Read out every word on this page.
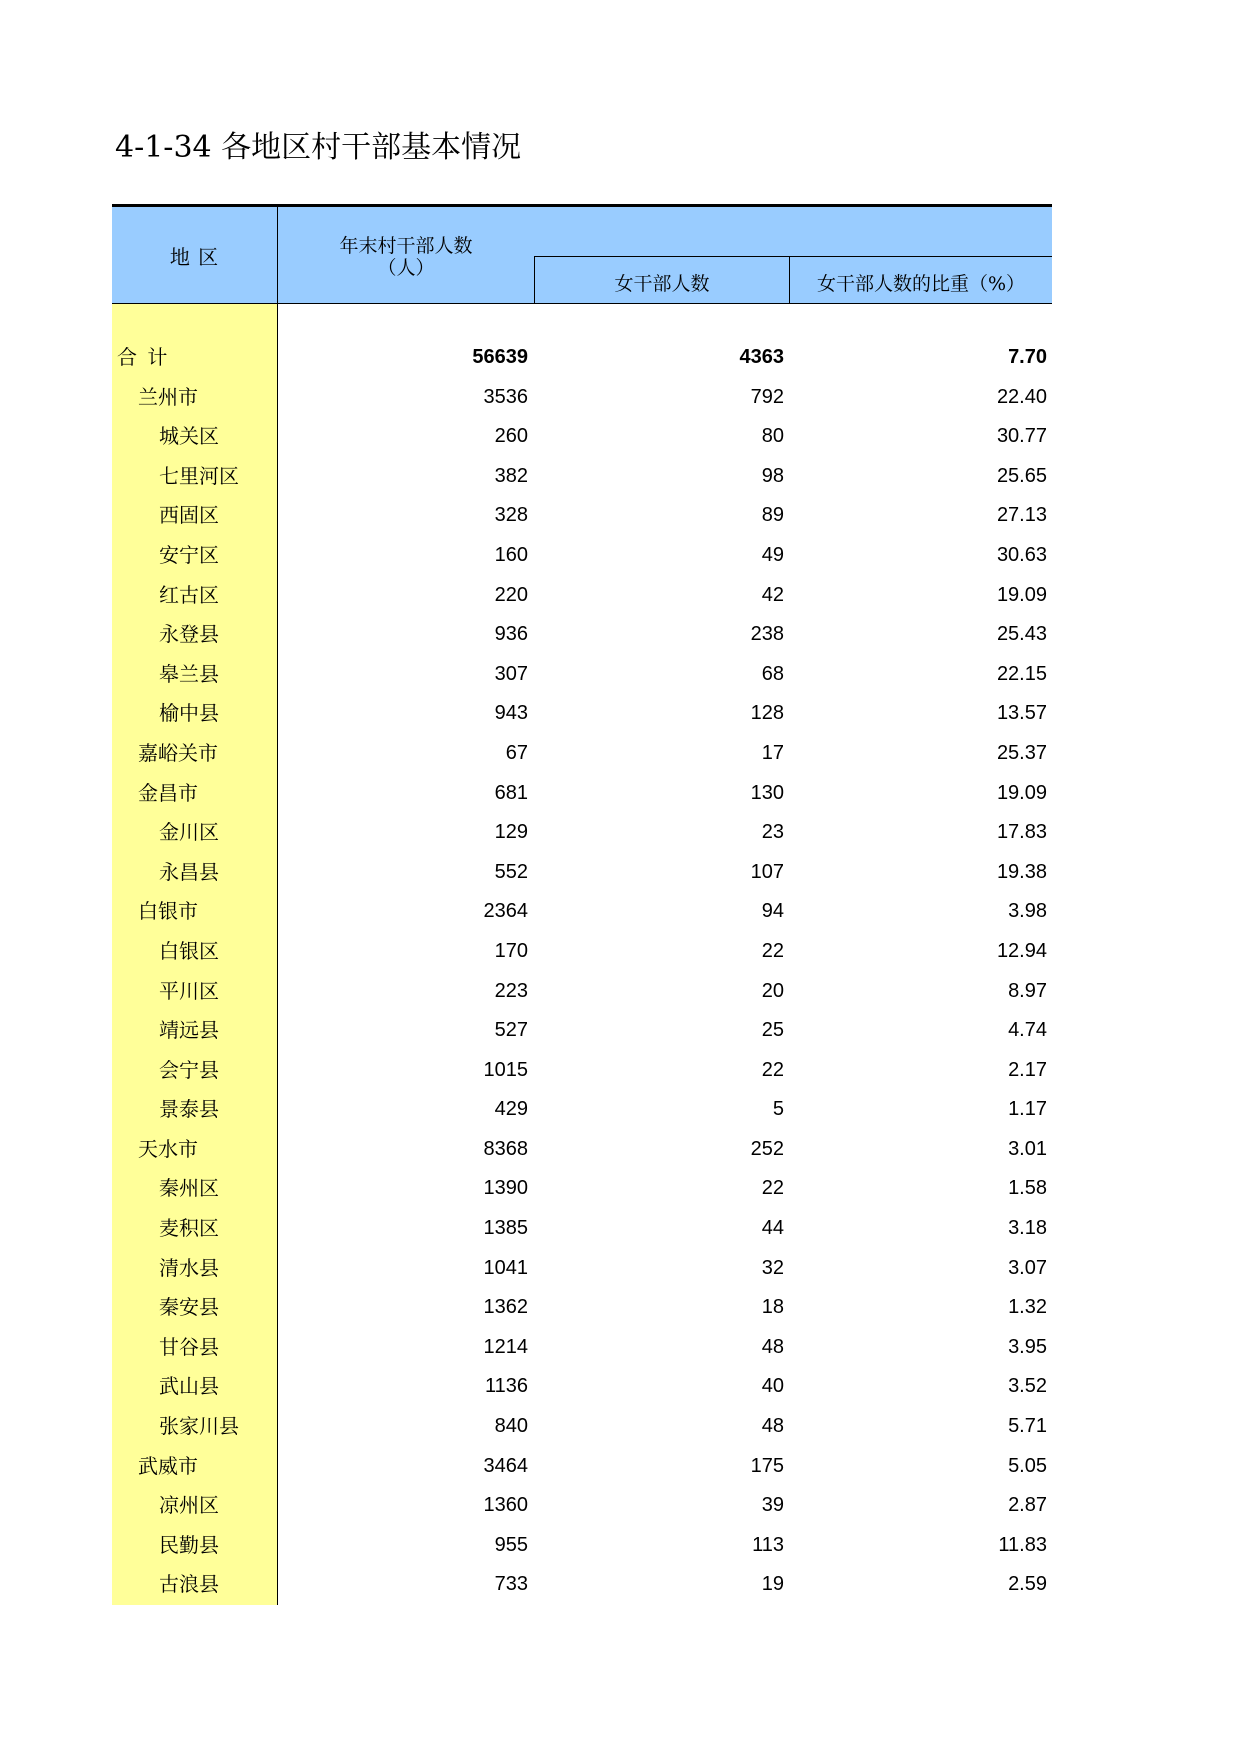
4-1-34 各地区村干部基本情况
地 区	年末村干部人数
（人）
女干部人数	女干部人数的比重（%）
合 计	56639	4363	7.70
兰州市	3536	792	22.40
城关区	260	80	30.77
七里河区	382	98	25.65
西固区	328	89	27.13
安宁区	160	49	30.63
红古区	220	42	19.09
永登县	936	238	25.43
皋兰县	307	68	22.15
榆中县	943	128	13.57
嘉峪关市	67	17	25.37
金昌市	681	130	19.09
金川区	129	23	17.83
永昌县	552	107	19.38
白银市	2364	94	3.98
白银区	170	22	12.94
平川区	223	20	8.97
靖远县	527	25	4.74
会宁县	1015	22	2.17
景泰县	429	5	1.17
天水市	8368	252	3.01
秦州区	1390	22	1.58
麦积区	1385	44	3.18
清水县	1041	32	3.07
秦安县	1362	18	1.32
甘谷县	1214	48	3.95
武山县	1136	40	3.52
张家川县	840	48	5.71
武威市	3464	175	5.05
凉州区	1360	39	2.87
民勤县	955	113	11.83
古浪县	733	19	2.59
